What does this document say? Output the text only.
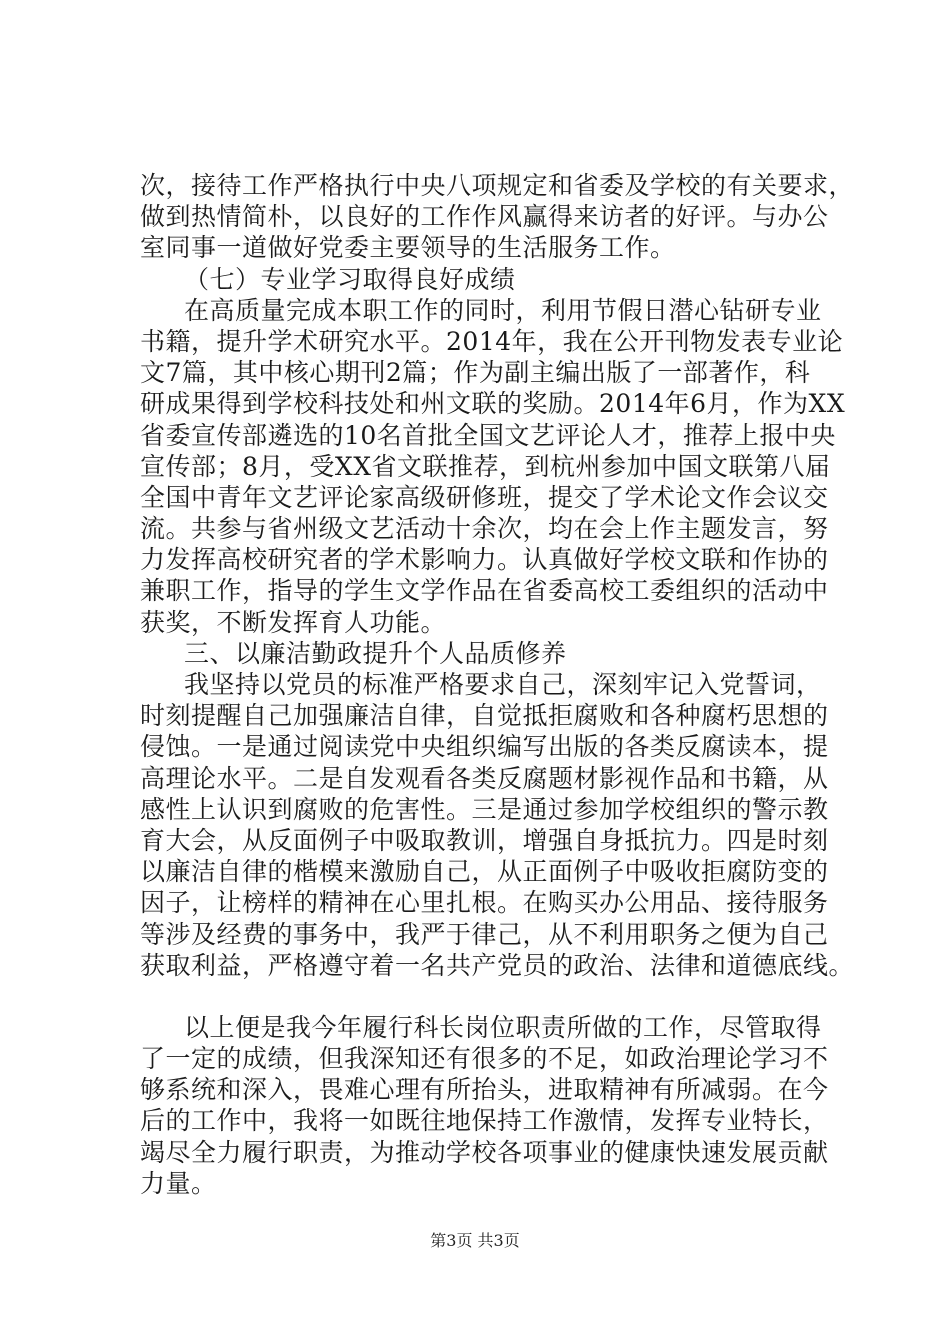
次，接待工作严格执行中央八项规定和省委及学校的有关要求，
做到热情简朴，以良好的工作作风赢得来访者的好评。与办公
室同事一道做好党委主要领导的生活服务工作。
（七）专业学习取得良好成绩
在高质量完成本职工作的同时，利用节假日潜心钻研专业
书籍，提升学术研究水平。2014年，我在公开刊物发表专业论
文7篇，其中核心期刊2篇；作为副主编出版了一部著作，科
研成果得到学校科技处和州文联的奖励。2014年6月，作为XX
省委宣传部遴选的10名首批全国文艺评论人才，推荐上报中央
宣传部；8月，受XX省文联推荐，到杭州参加中国文联第八届
全国中青年文艺评论家高级研修班，提交了学术论文作会议交
流。共参与省州级文艺活动十余次，均在会上作主题发言，努
力发挥高校研究者的学术影响力。认真做好学校文联和作协的
兼职工作，指导的学生文学作品在省委高校工委组织的活动中
获奖，不断发挥育人功能。
三、以廉洁勤政提升个人品质修养
我坚持以党员的标准严格要求自己，深刻牢记入党誓词，
时刻提醒自己加强廉洁自律，自觉抵拒腐败和各种腐朽思想的
侵蚀。一是通过阅读党中央组织编写出版的各类反腐读本，提
高理论水平。二是自发观看各类反腐题材影视作品和书籍，从
感性上认识到腐败的危害性。三是通过参加学校组织的警示教
育大会，从反面例子中吸取教训，增强自身抵抗力。四是时刻
以廉洁自律的楷模来激励自己，从正面例子中吸收拒腐防变的
因子，让榜样的精神在心里扎根。在购买办公用品、接待服务
等涉及经费的事务中，我严于律己，从不利用职务之便为自己
获取利益，严格遵守着一名共产党员的政治、法律和道德底线。
以上便是我今年履行科长岗位职责所做的工作，尽管取得
了一定的成绩，但我深知还有很多的不足，如政治理论学习不
够系统和深入，畏难心理有所抬头，进取精神有所减弱。在今
后的工作中，我将一如既往地保持工作激情，发挥专业特长，
竭尽全力履行职责，为推动学校各项事业的健康快速发展贡献
力量。
第3页 共3页
